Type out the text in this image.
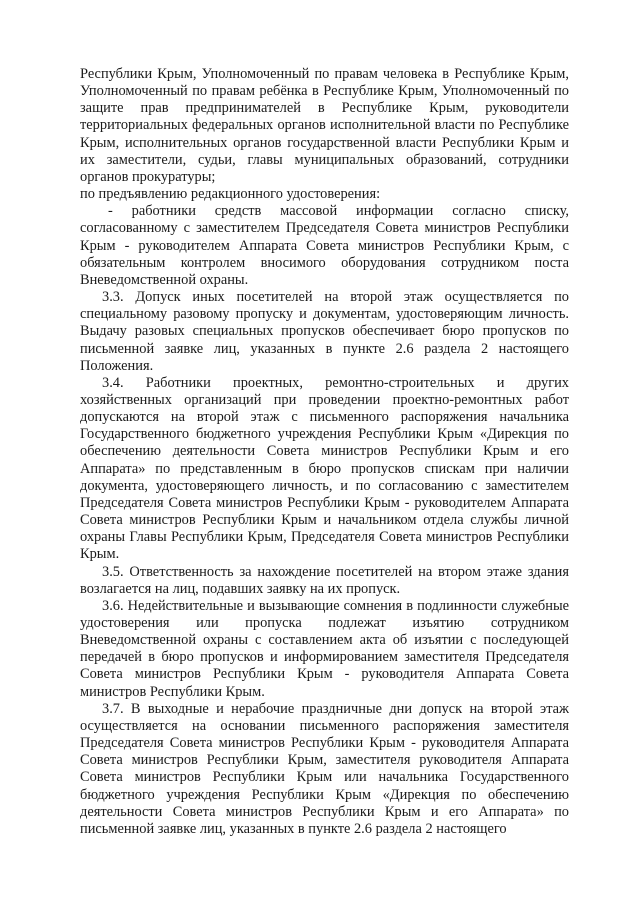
Республики Крым, Уполномоченный по правам человека в Республике Крым, Уполномоченный по правам ребёнка в Республике Крым, Уполномоченный по защите прав предпринимателей в Республике Крым, руководители территориальных федеральных органов исполнительной власти по Республике Крым, исполнительных органов государственной власти Республики Крым и их заместители, судьи, главы муниципальных образований, сотрудники органов прокуратуры;

по предъявлению редакционного удостоверения:

- работники средств массовой информации согласно списку, согласованному с заместителем Председателя Совета министров Республики Крым - руководителем Аппарата Совета министров Республики Крым, с обязательным контролем вносимого оборудования сотрудником поста Вневедомственной охраны.

3.3. Допуск иных посетителей на второй этаж осуществляется по специальному разовому пропуску и документам, удостоверяющим личность. Выдачу разовых специальных пропусков обеспечивает бюро пропусков по письменной заявке лиц, указанных в пункте 2.6 раздела 2 настоящего Положения.

3.4. Работники проектных, ремонтно-строительных и других хозяйственных организаций при проведении проектно-ремонтных работ допускаются на второй этаж с письменного распоряжения начальника Государственного бюджетного учреждения Республики Крым «Дирекция по обеспечению деятельности Совета министров Республики Крым и его Аппарата» по представленным в бюро пропусков спискам при наличии документа, удостоверяющего личность, и по согласованию с заместителем Председателя Совета министров Республики Крым - руководителем Аппарата Совета министров Республики Крым и начальником отдела службы личной охраны Главы Республики Крым, Председателя Совета министров Республики Крым.

3.5. Ответственность за нахождение посетителей на втором этаже здания возлагается на лиц, подавших заявку на их пропуск.

3.6. Недействительные и вызывающие сомнения в подлинности служебные удостоверения или пропуска подлежат изъятию сотрудником Вневедомственной охраны с составлением акта об изъятии с последующей передачей в бюро пропусков и информированием заместителя Председателя Совета министров Республики Крым - руководителя Аппарата Совета министров Республики Крым.

3.7. В выходные и нерабочие праздничные дни допуск на второй этаж осуществляется на основании письменного распоряжения заместителя Председателя Совета министров Республики Крым - руководителя Аппарата Совета министров Республики Крым, заместителя руководителя Аппарата Совета министров Республики Крым или начальника Государственного бюджетного учреждения Республики Крым «Дирекция по обеспечению деятельности Совета министров Республики Крым и его Аппарата» по письменной заявке лиц, указанных в пункте 2.6 раздела 2 настоящего
